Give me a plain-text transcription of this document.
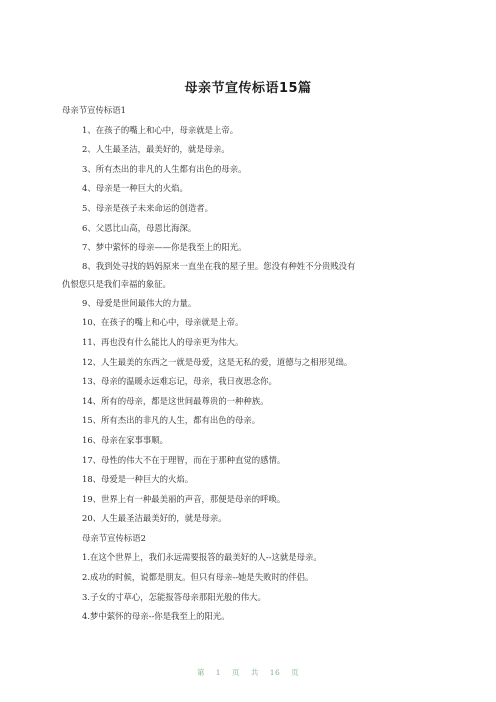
母亲节宣传标语15篇
母亲节宣传标语1
1、在孩子的嘴上和心中，母亲就是上帝。
2、人生最圣洁，最美好的，就是母亲。
3、所有杰出的非凡的人生都有出色的母亲。
4、母亲是一种巨大的火焰。
5、母亲是孩子未来命运的创造者。
6、父恩比山高，母恩比海深。
7、梦中萦怀的母亲——你是我至上的阳光。
8、我到处寻找的妈妈原来一直坐在我的屋子里。您没有种姓不分贵贱没有
仇恨您只是我们幸福的象征。
9、母爱是世间最伟大的力量。
10、在孩子的嘴上和心中，母亲就是上帝。
11、再也没有什么能比人的母亲更为伟大。
12、人生最美的东西之一就是母爱，这是无私的爱，道德与之相形见绌。
13、母亲的温暖永远难忘记，母亲，我日夜思念你。
14、所有的母亲，都是这世间最尊贵的一种种族。
15、所有杰出的非凡的人生，都有出色的母亲。
16、母亲在家事事顺。
17、母性的伟大不在于理智，而在于那种直觉的感情。
18、母爱是一种巨大的火焰。
19、世界上有一种最美丽的声音，那便是母亲的呼唤。
20、人生最圣洁最美好的，就是母亲。
母亲节宣传标语2
1.在这个世界上，我们永远需要报答的最美好的人--这就是母亲。
2.成功的时候，说都是朋友。但只有母亲--她是失败时的伴侣。
3.子女的寸草心，怎能报答母亲那阳光般的伟大。
4.梦中萦怀的母亲--你是我至上的阳光。
第 1 页 共 16 页
